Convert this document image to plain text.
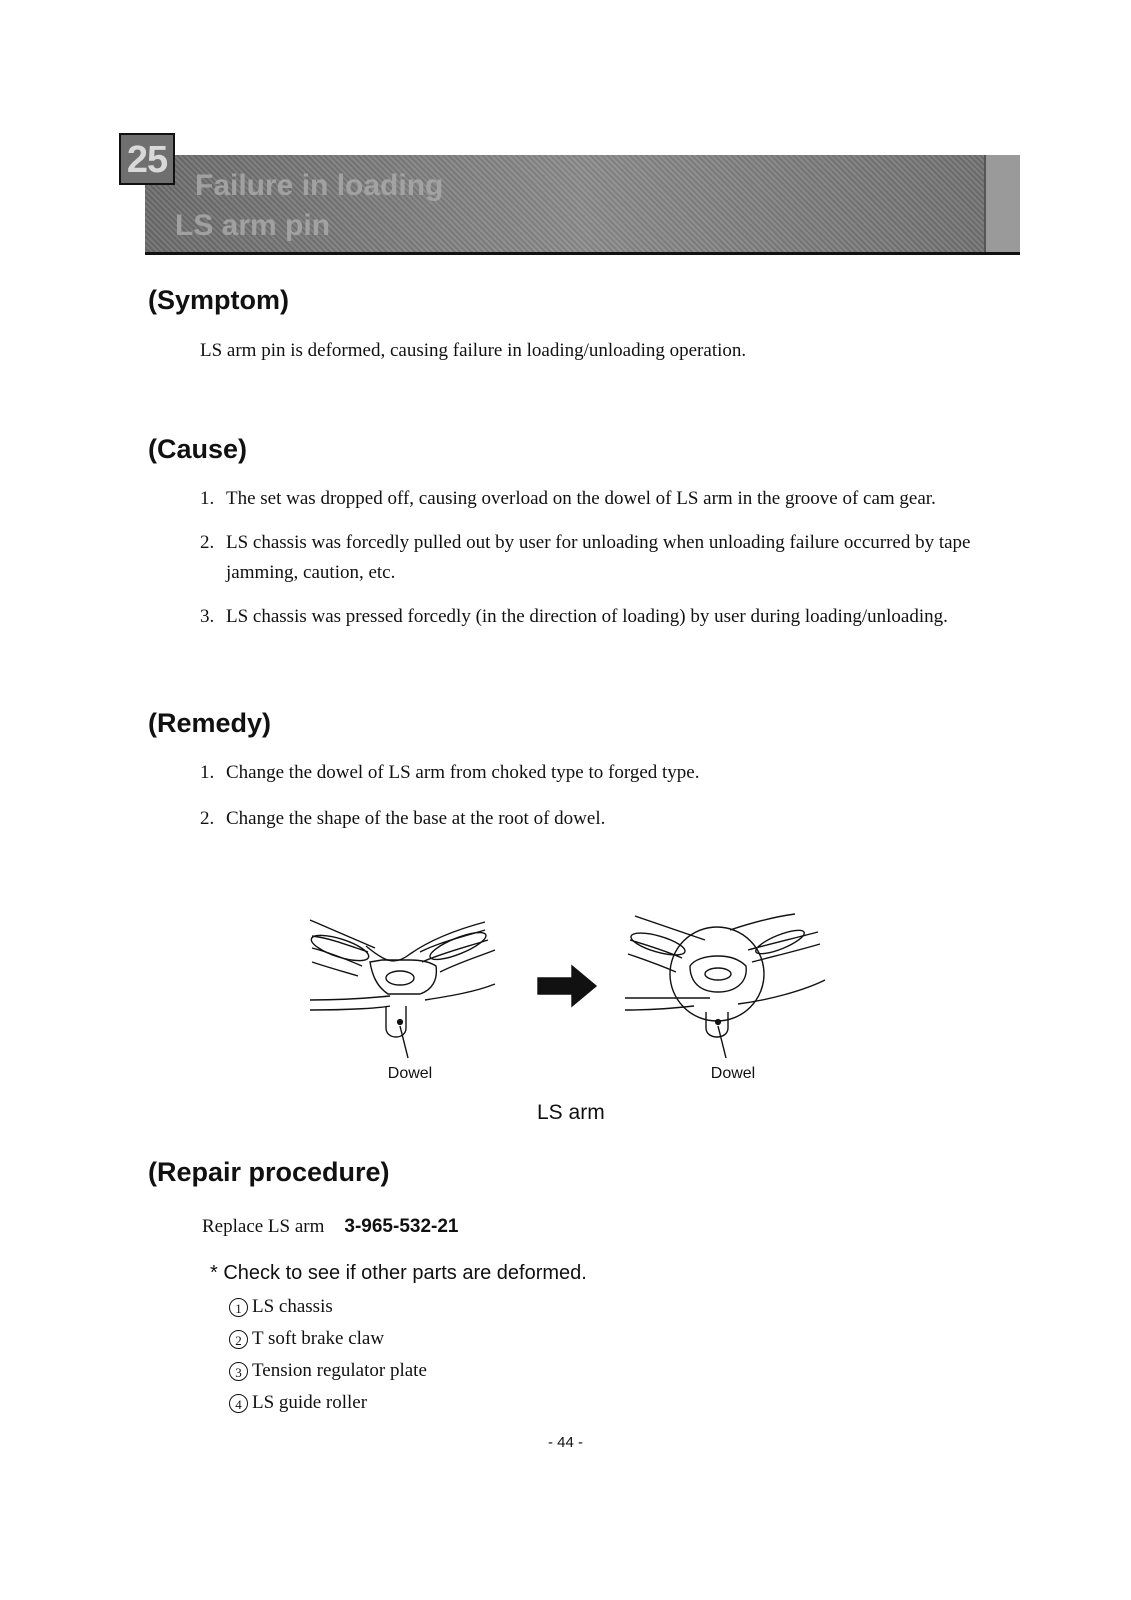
Failure in loading
LS arm pin
25
(Symptom)

LS arm pin is deformed, causing failure in loading/unloading operation.

(Cause)
1. The set was dropped off, causing overload on the dowel of LS arm in the groove of cam gear.
2. LS chassis was forcedly pulled out by user for unloading when unloading failure occurred by tape jamming, caution, etc.
3. LS chassis was pressed forcedly (in the direction of loading) by user during loading/unloading.
(Remedy)
1. Change the dowel of LS arm from choked type to forged type.
2. Change the shape of the base at the root of dowel.
Dowel	Dowel
LS arm
(Repair procedure)

Replace LS arm 3-965-532-21

* Check to see if other parts are deformed.
1 LS chassis
2 T soft brake claw
3 Tension regulator plate
4 LS guide roller
- 44 -
